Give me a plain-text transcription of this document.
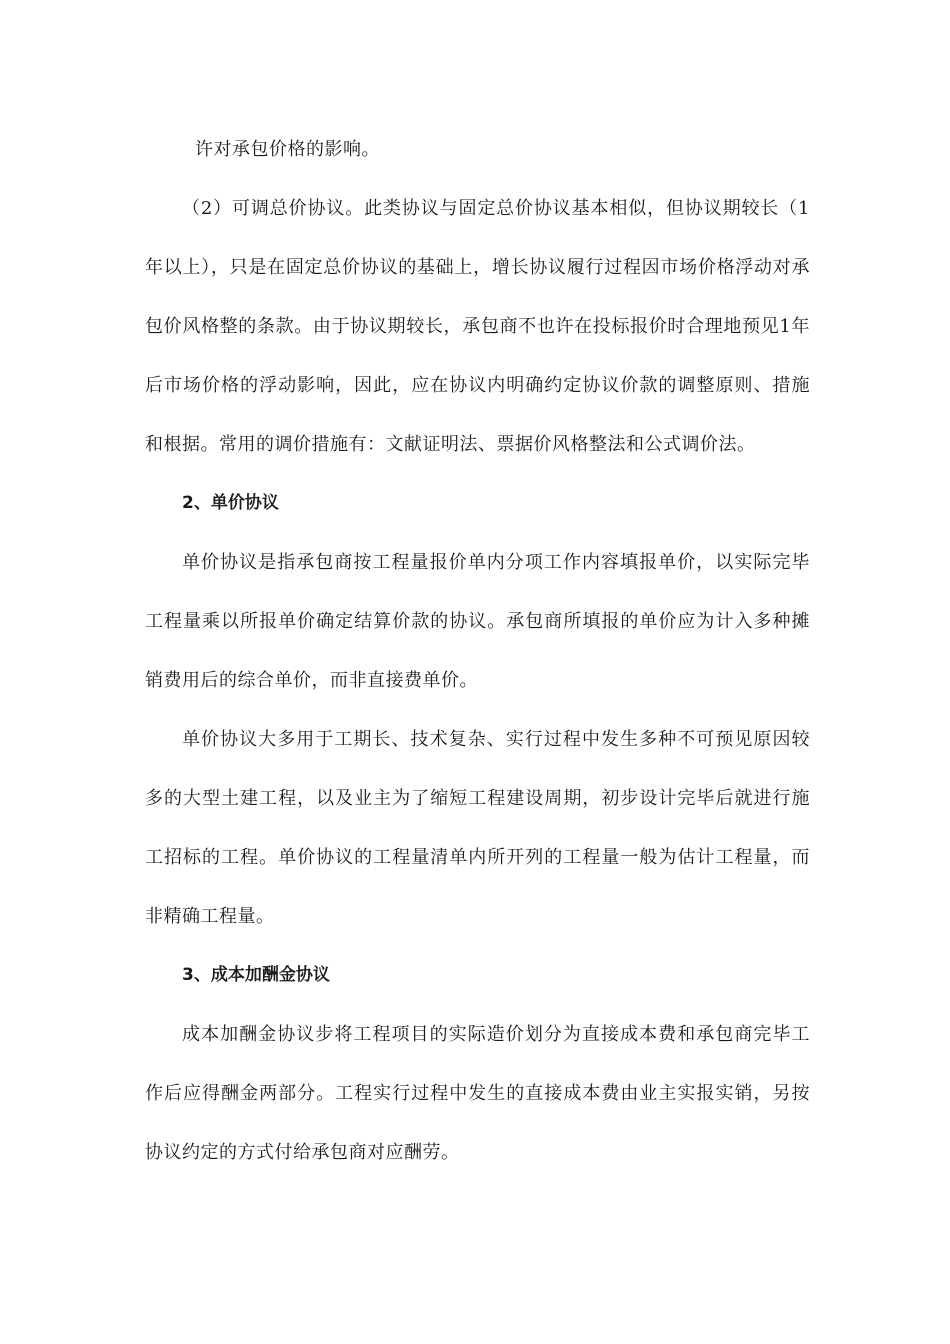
许对承包价格的影响。

（2）可调总价协议。此类协议与固定总价协议基本相似，但协议期较长（1年以上），只是在固定总价协议的基础上，增长协议履行过程因市场价格浮动对承包价风格整的条款。由于协议期较长，承包商不也许在投标报价时合理地预见1年后市场价格的浮动影响，因此，应在协议内明确约定协议价款的调整原则、措施和根据。常用的调价措施有：文献证明法、票据价风格整法和公式调价法。

2、单价协议

单价协议是指承包商按工程量报价单内分项工作内容填报单价，以实际完毕工程量乘以所报单价确定结算价款的协议。承包商所填报的单价应为计入多种摊销费用后的综合单价，而非直接费单价。

单价协议大多用于工期长、技术复杂、实行过程中发生多种不可预见原因较多的大型土建工程，以及业主为了缩短工程建设周期，初步设计完毕后就进行施工招标的工程。单价协议的工程量清单内所开列的工程量一般为估计工程量，而非精确工程量。

3、成本加酬金协议

成本加酬金协议步将工程项目的实际造价划分为直接成本费和承包商完毕工作后应得酬金两部分。工程实行过程中发生的直接成本费由业主实报实销，另按协议约定的方式付给承包商对应酬劳。
